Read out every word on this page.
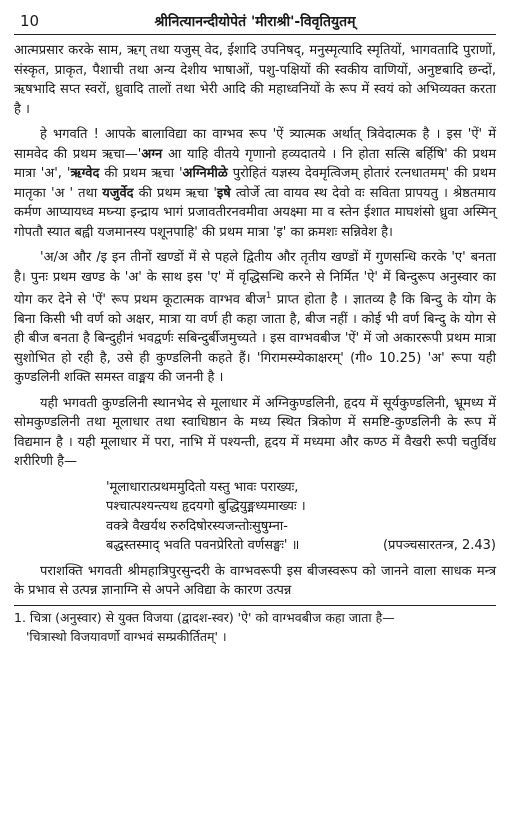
10	श्रीनित्यानन्दीयोपेतं 'मीराश्री'-विवृतियुतम्

आत्मप्रसार करके साम, ऋग् तथा यजुस् वेद, ईशादि उपनिषद्, मनुस्मृत्यादि स्मृतियों, भागवतादि पुराणों, संस्कृत, प्राकृत, पैशाची तथा अन्य देशीय भाषाओं, पशु-पक्षियों की स्वकीय वाणियों, अनुष्टबादि छन्दों, ऋषभादि सप्त स्वरों, ध्रुवादि तालों तथा भेरी आदि की महाध्वनियों के रूप में स्वयं को अभिव्यक्त करता है ।

हे भगवति ! आपके बालाविद्या का वाग्भव रूप 'ऐं त्र्यात्मक अर्थात् त्रिवेदात्मक है । इस 'ऐं' में सामवेद की प्रथम ऋचा—'अग्न आ याहि वीतये गृणानो हव्यदातये । नि होता सत्सि बर्हिषि' की प्रथम मात्रा 'अ', 'ऋग्वेद की प्रथम ऋचा 'अग्निमीळे पुरोहितं यज्ञस्य देवमृत्विजम् होतारं रत्नधातमम्' की प्रथम मातृका 'अ ' तथा यजुर्वेद की प्रथम ऋचा 'इषे त्वोर्जे त्वा वायव स्थ देवो वः सविता प्रापयतु । श्रेष्ठतमाय कर्मण आप्यायध्व मघ्न्या इन्द्राय भागं प्रजावतीरनवमीवा अयक्ष्मा मा व स्तेन ईशात माघशंसो ध्रुवा अस्मिन् गोपतौ स्यात बह्वी यजमानस्य पशूनपाहि' की प्रथम मात्रा 'इ' का क्रमशः सन्निवेश है।

'अ/अ और /इ इन तीनों खण्डों में से पहले द्वितीय और तृतीय खण्डों में गुणसन्धि करके 'ए' बनता है। पुनः प्रथम खण्ड के 'अ' के साथ इस 'ए' में वृद्धिसन्धि करने से निर्मित 'ऐ' में बिन्दुरूप अनुस्वार का योग कर देने से 'ऐं' रूप प्रथम कूटात्मक वाग्भव बीज$^1$ प्राप्त होता है । ज्ञातव्य है कि बिन्दु के योग के बिना किसी भी वर्ण को अक्षर, मात्रा या वर्ण ही कहा जाता है, बीज नहीं । कोई भी वर्ण बिन्दु के योग से ही बीज बनता है बिन्दुहीनं भवद्वर्णः सबिन्दुर्बीजमुच्यते । इस वाग्भवबीज 'ऐं' में जो अकाररूपी प्रथम मात्रा सुशोभित हो रही है, उसे ही कुण्डलिनी कहते हैं। 'गिरामस्म्येकाक्षरम्' (गी० 10.25) 'अ' रूपा यही कुण्डलिनी शक्ति समस्त वाङ्मय की जननी है ।

यही भगवती कुण्डलिनी स्थानभेद से मूलाधार में अग्निकुण्डलिनी, हृदय में सूर्यकुण्डलिनी, भ्रूमध्य में सोमकुण्डलिनी तथा मूलाधार तथा स्वाधिष्ठान के मध्य स्थित त्रिकोण में समष्टि-कुण्डलिनी के रूप में विद्यमान है । यही मूलाधार में परा, नाभि में पश्यन्ती, हृदय में मध्यमा और कण्ठ में वैखरी रूपी चतुर्विध शरीरिणी है—

'मूलाधारात्प्रथममुदितो यस्तु भावः पराख्यः,
पश्चात्पश्यन्त्यथ हृदयगो बुद्धियुङ्मध्यमाख्यः ।
वक्त्रे वैखर्यथ रुरुदिषोरस्यजन्तोःसुषुम्ना-
बद्धस्तस्माद् भवति पवनप्रेरितो वर्णसङ्घः' ॥	(प्रपञ्चसारतन्त्र, 2.43)

पराशक्ति भगवती श्रीमहात्रिपुरसुन्दरी के वाग्भवरूपी इस बीजस्वरूप को जानने वाला साधक मन्त्र के प्रभाव से उत्पन्न ज्ञानाग्नि से अपने अविद्या के कारण उत्पन्न

1. चित्रा (अनुस्वार) से युक्त विजया (द्वादश-स्वर) 'ऐ' को वाग्भवबीज कहा जाता है—
'चित्रास्थो विजयावर्णो वाग्भवं सम्प्रकीर्तितम्' ।
